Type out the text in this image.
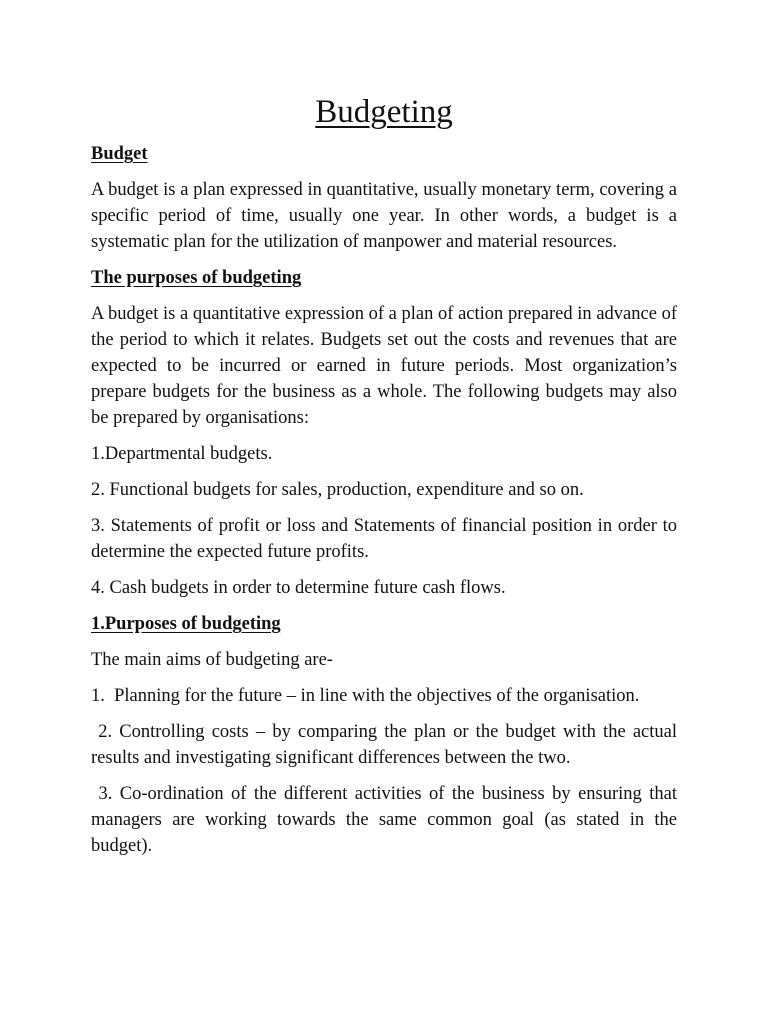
Budgeting
Budget

A budget is a plan expressed in quantitative, usually monetary term, covering a specific period of time, usually one year. In other words, a budget is a systematic plan for the utilization of manpower and material resources.

The purposes of budgeting

A budget is a quantitative expression of a plan of action prepared in advance of the period to which it relates. Budgets set out the costs and revenues that are expected to be incurred or earned in future periods. Most organization’s prepare budgets for the business as a whole. The following budgets may also be prepared by organisations:

1.Departmental budgets.

2. Functional budgets for sales, production, expenditure and so on.

3. Statements of profit or loss and Statements of financial position in order to determine the expected future profits.

4. Cash budgets in order to determine future cash flows.

1.Purposes of budgeting

The main aims of budgeting are-

1.  Planning for the future – in line with the objectives of the organisation.

2. Controlling costs – by comparing the plan or the budget with the actual results and investigating significant differences between the two.

3. Co-ordination of the different activities of the business by ensuring that managers are working towards the same common goal (as stated in the budget).
